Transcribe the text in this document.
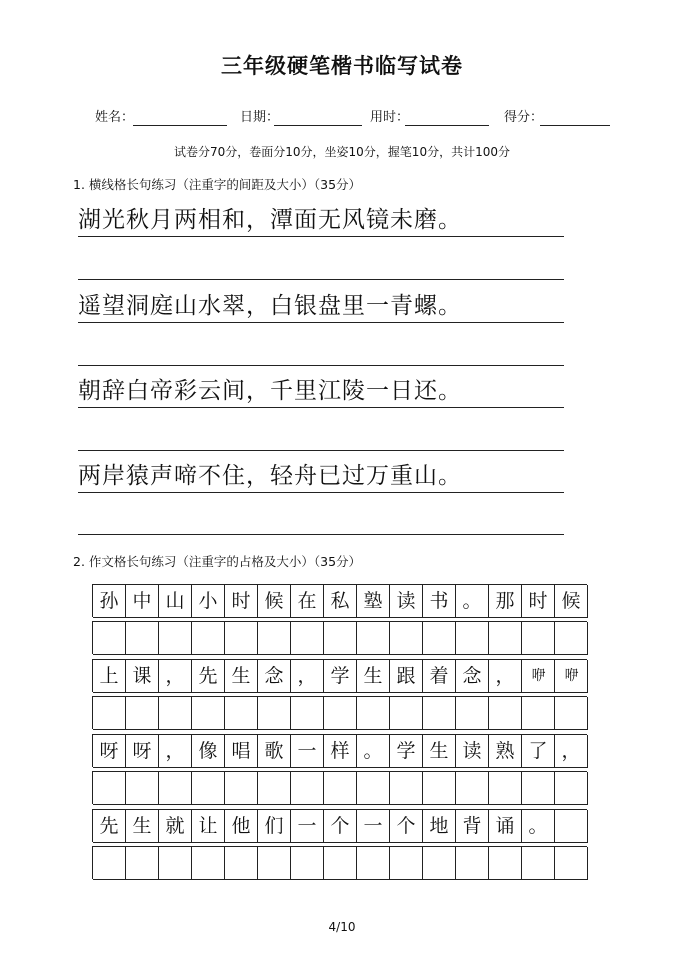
三年级硬笔楷书临写试卷
姓名：	日期：	用时：	得分：
试卷分70分，卷面分10分，坐姿10分，握笔10分，共计100分
1. 横线格长句练习（注重字的间距及大小）（35分）
湖光秋月两相和，潭面无风镜未磨。
遥望洞庭山水翠，白银盘里一青螺。
朝辞白帝彩云间，千里江陵一日还。
两岸猿声啼不住，轻舟已过万重山。
2. 作文格长句练习（注重字的占格及大小）（35分）
孙 中 山 小 时 候 在 私 塾 读 书 。 那 时 候
上 课 ， 先 生 念 ， 学 生 跟 着 念 ，	咿	咿
呀 呀 ， 像 唱 歌 一 样 。 学 生 读 熟 了 ，
先 生 就 让 他 们 一 个 一 个 地 背 诵 。
4/10
